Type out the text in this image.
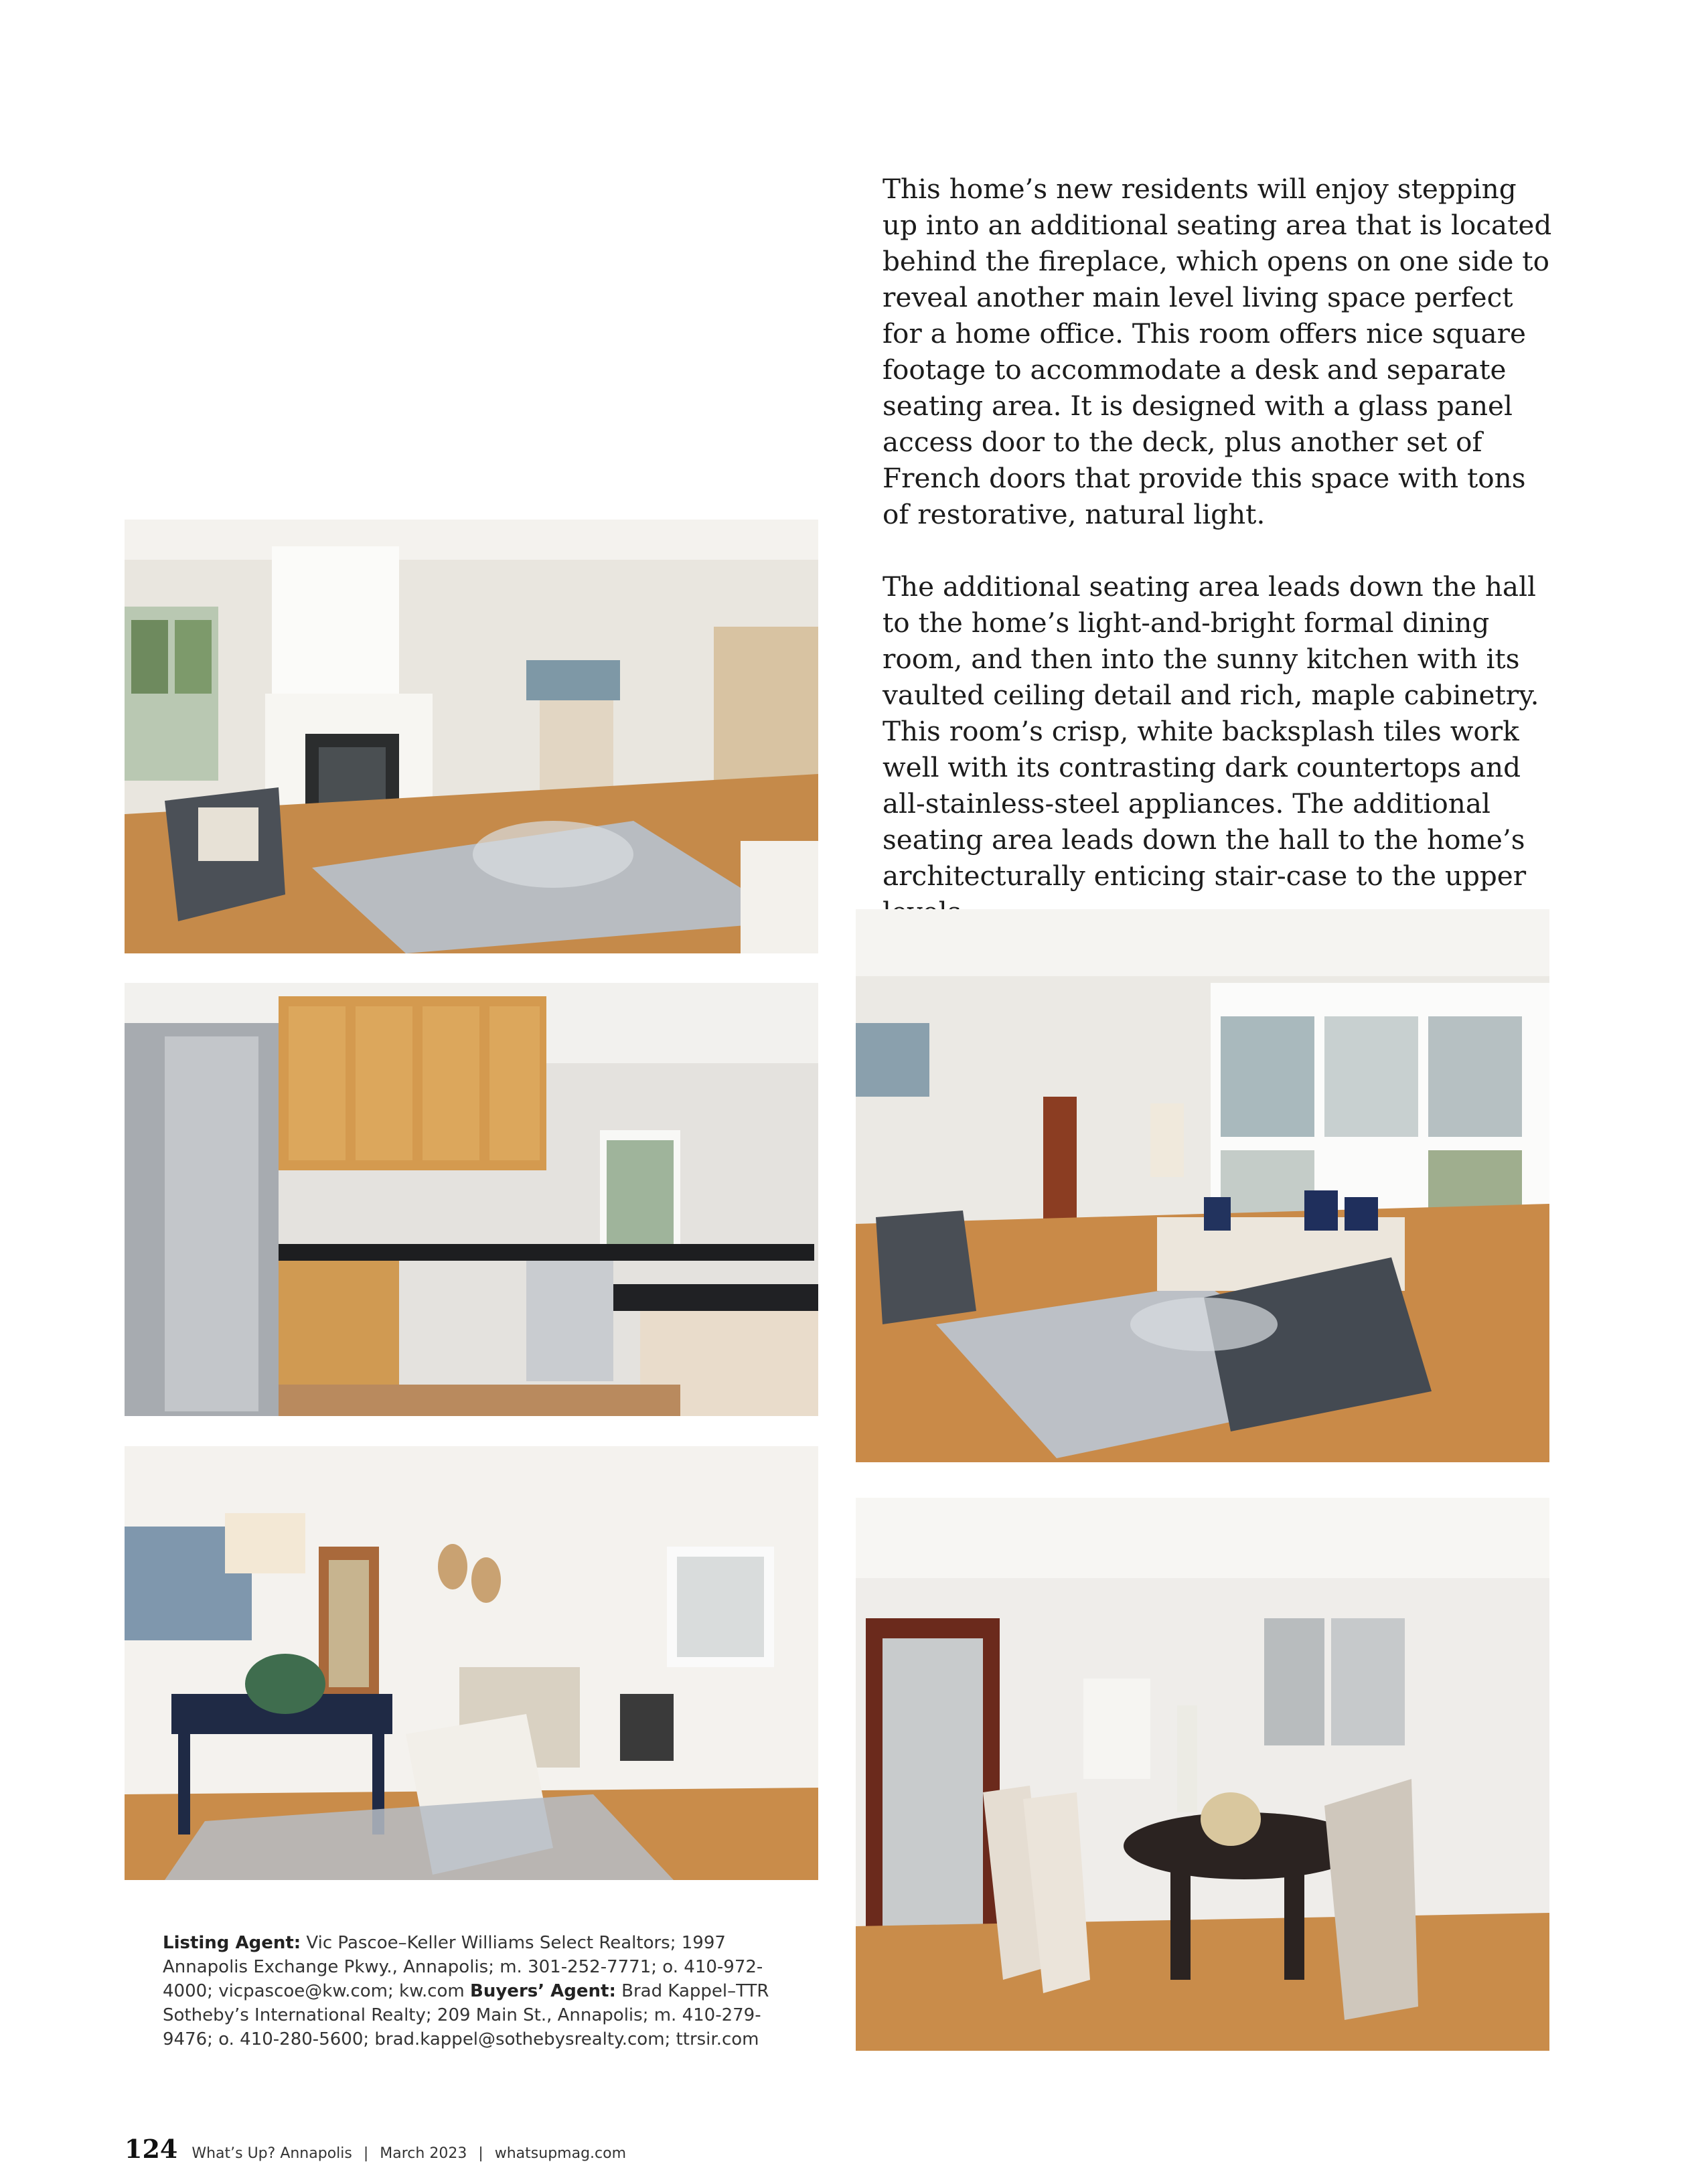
This home’s new residents will enjoy stepping up into an additional seating area that is located behind the fireplace, which opens on one side to reveal another main level living space perfect for a home office. This room offers nice square footage to accommodate a desk and separate seating area. It is designed with a glass panel access door to the deck, plus another set of French doors that provide this space with tons of restorative, natural light.

The additional seating area leads down the hall to the home’s light-and-bright formal dining room, and then into the sunny kitchen with its vaulted ceiling detail and rich, maple cabinetry. This room’s crisp, white backsplash tiles work well with its contrasting dark countertops and all-stainless-steel appliances. The additional seating area leads down the hall to the home’s architecturally enticing stair-case to the upper

Listing Agent: Vic Pascoe–Keller Williams Select Realtors; 1997 Annapolis Exchange Pkwy., Annapolis; m. 301-252-7771; o. 410-972-4000; vicpascoe@kw.com; kw.com Buyers’ Agent: Brad Kappel–TTR Sotheby’s International Realty; 209 Main St., Annapolis; m. 410-279-9476; o. 410-280-5600; brad.kappel@sothebysrealty.com; ttrsir.com
124 What’s Up? Annapolis | March 2023 | whatsupmag.com
